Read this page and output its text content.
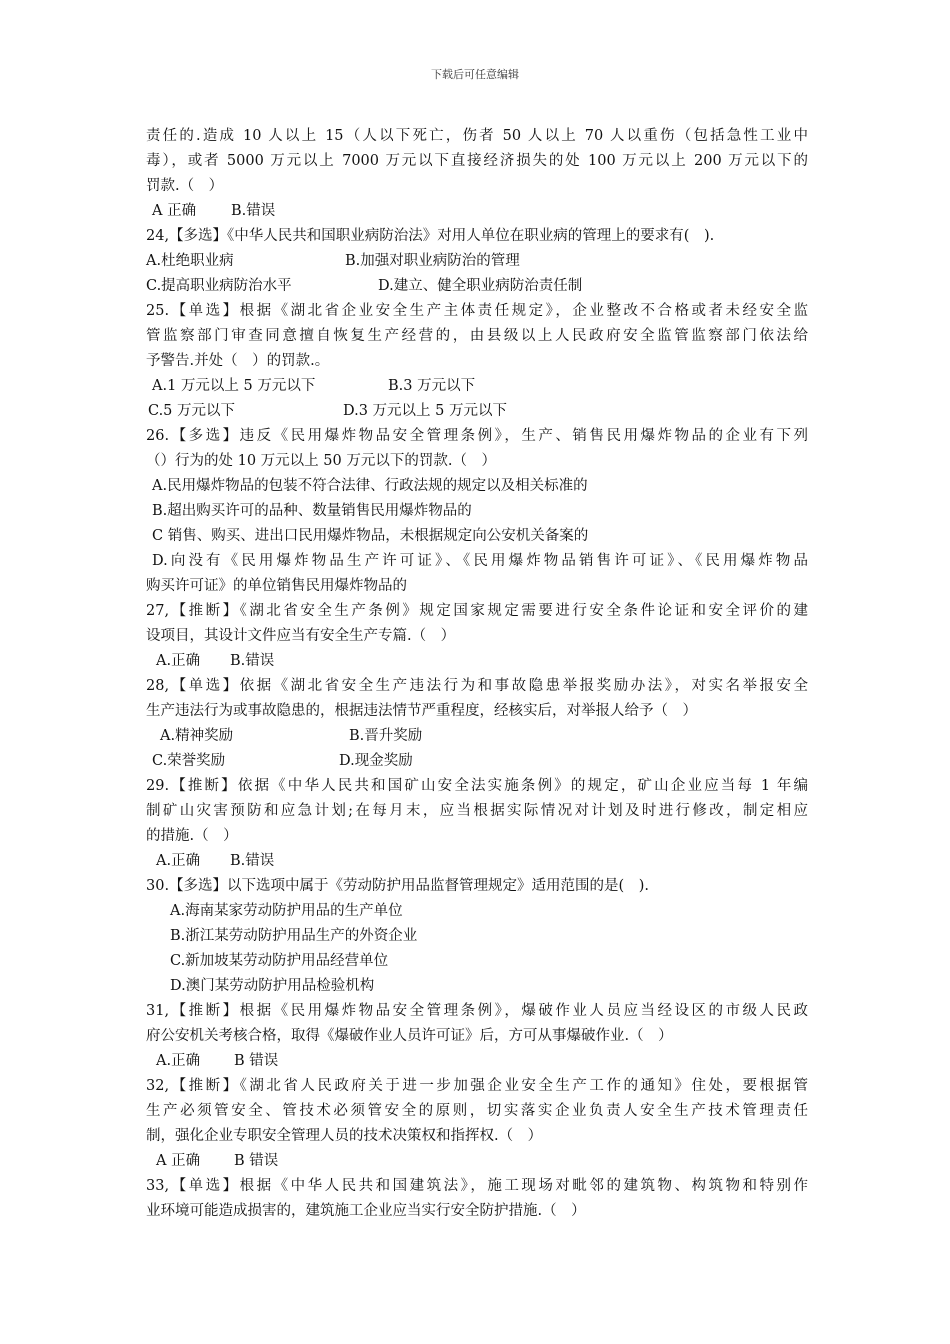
下载后可任意编辑
责任的.造成 10 人以上 15（人以下死亡，伤者 50 人以上 70 人以重伤（包括急性工业中
毒），或者 5000 万元以上 7000 万元以下直接经济损失的处 100 万元以上 200 万元以下的
罚款.（　）
A 正确 B.错误
24,【多选】《中华人民共和国职业病防治法》对用人单位在职业病的管理上的要求有(　).
A.杜绝职业病	B.加强对职业病防治的管理
C.提高职业病防治水平	D.建立、健全职业病防治责任制
25.【单选】根据《湖北省企业安全生产主体责任规定》，企业整改不合格或者未经安全监
管监察部门审查同意擅自恢复生产经营的，由县级以上人民政府安全监管监察部门依法给
予警告.并处（　）的罚款.。
A.1 万元以上 5 万元以下	B.3 万元以下
C.5 万元以下	D.3 万元以上 5 万元以下
26.【多选】违反《民用爆炸物品安全管理条例》，生产、销售民用爆炸物品的企业有下列
（）行为的处 10 万元以上 50 万元以下的罚款.（　）
A.民用爆炸物品的包装不符合法律、行政法规的规定以及相关标准的
B.超出购买许可的品种、数量销售民用爆炸物品的
C 销售、购买、进出口民用爆炸物品，未根据规定向公安机关备案的
D.向没有《民用爆炸物品生产许可证》、《民用爆炸物品销售许可证》、《民用爆炸物品
购买许可证》的单位销售民用爆炸物品的
27,【推断】《湖北省安全生产条例》规定国家规定需要进行安全条件论证和安全评价的建
设项目，其设计文件应当有安全生产专篇.（　）
A.正确 B.错误
28,【单选】依据《湖北省安全生产违法行为和事故隐患举报奖励办法》，对实名举报安全
生产违法行为或事故隐患的，根据违法情节严重程度，经核实后，对举报人给予（　）
A.精神奖励	B.晋升奖励
C.荣誉奖励	D.现金奖励
29.【推断】依据《中华人民共和国矿山安全法实施条例》的规定，矿山企业应当每 1 年编
制矿山灾害预防和应急计划;在每月末，应当根据实际情况对计划及时进行修改，制定相应
的措施.（　）
A.正确 B.错误
30.【多选】以下选项中属于《劳动防护用品监督管理规定》适用范围的是(　).
A.海南某家劳动防护用品的生产单位
B.浙江某劳动防护用品生产的外资企业
C.新加坡某劳动防护用品经营单位
D.澳门某劳动防护用品检验机构
31,【推断】根据《民用爆炸物品安全管理条例》，爆破作业人员应当经设区的市级人民政
府公安机关考核合格，取得《爆破作业人员许可证》后，方可从事爆破作业.（　）
A.正确 B 错误
32,【推断】《湖北省人民政府关于进一步加强企业安全生产工作的通知》住处，要根据管
生产必须管安全、管技术必须管安全的原则，切实落实企业负责人安全生产技术管理责任
制，强化企业专职安全管理人员的技术决策权和指挥权.（　）
A 正确 B 错误
33,【单选】根据《中华人民共和国建筑法》，施工现场对毗邻的建筑物、构筑物和特别作
业环境可能造成损害的，建筑施工企业应当实行安全防护措施.（　）
